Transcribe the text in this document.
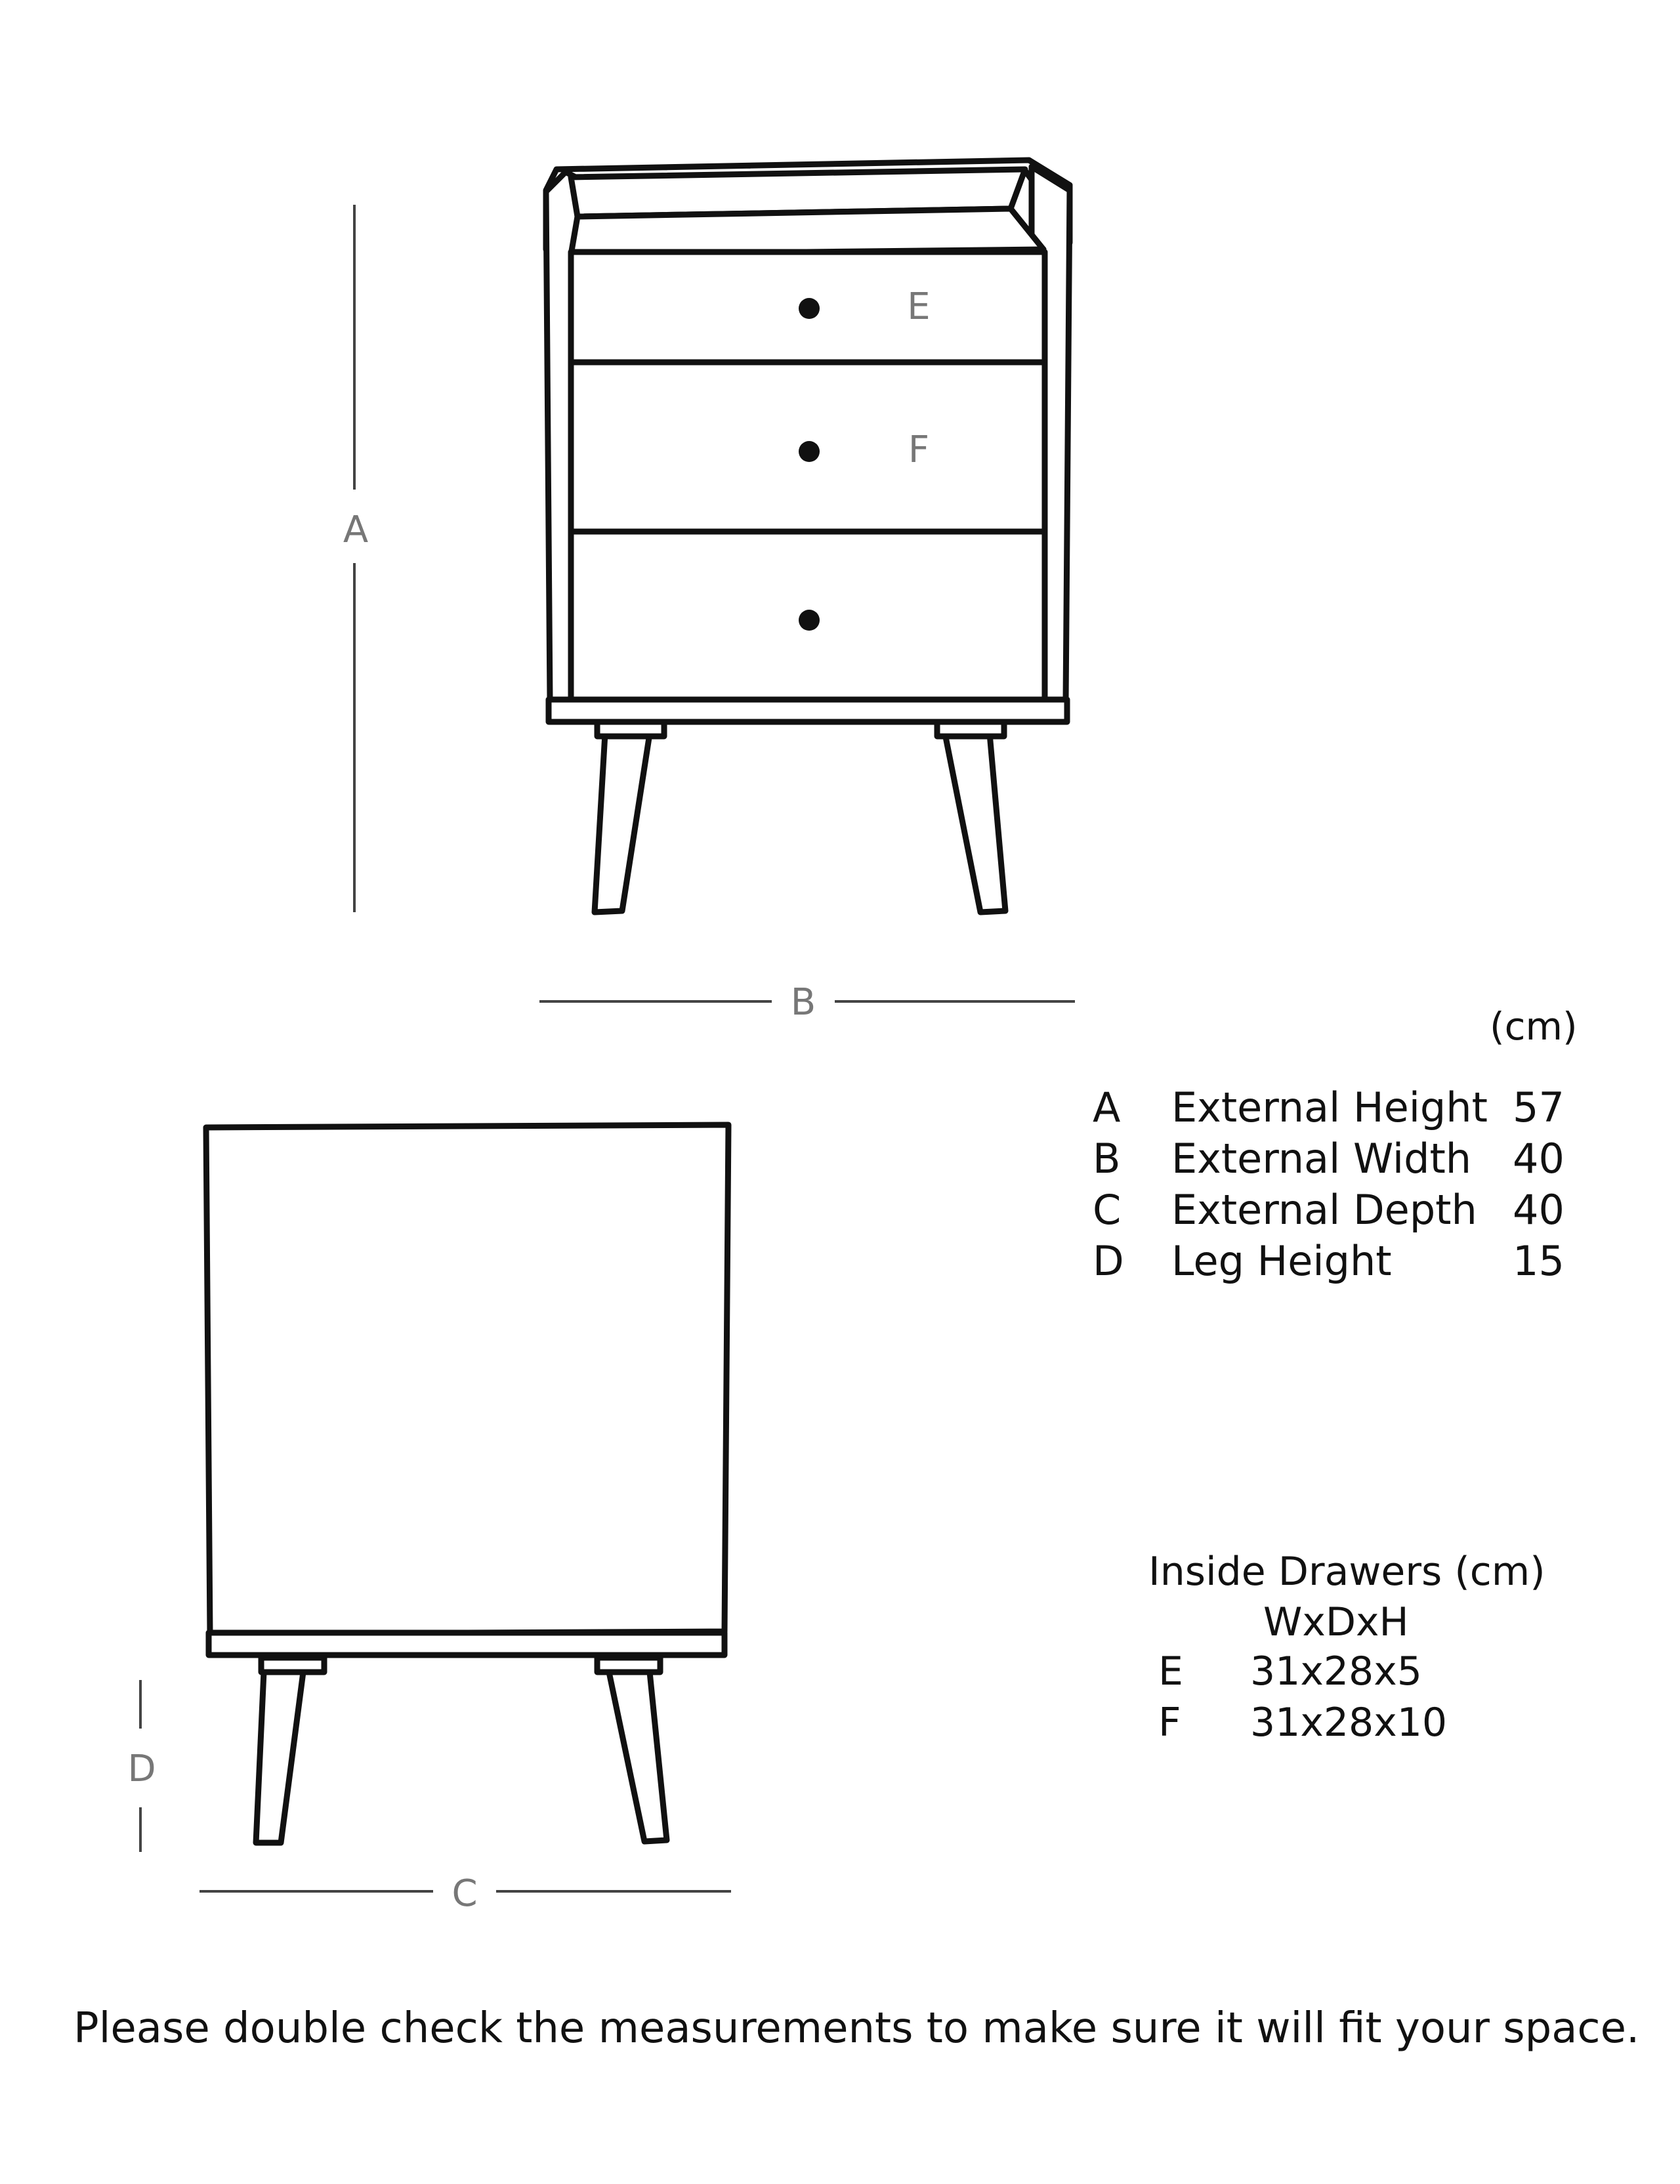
E
F
A
B
C
D
(cm)
A	External Height	57
B	External Width	40
C	External Depth	40
D	Leg Height	15
Inside Drawers (cm)
WxDxH
E	31x28x5
F	31x28x10
Please double check the measurements to make sure it will fit your space.
